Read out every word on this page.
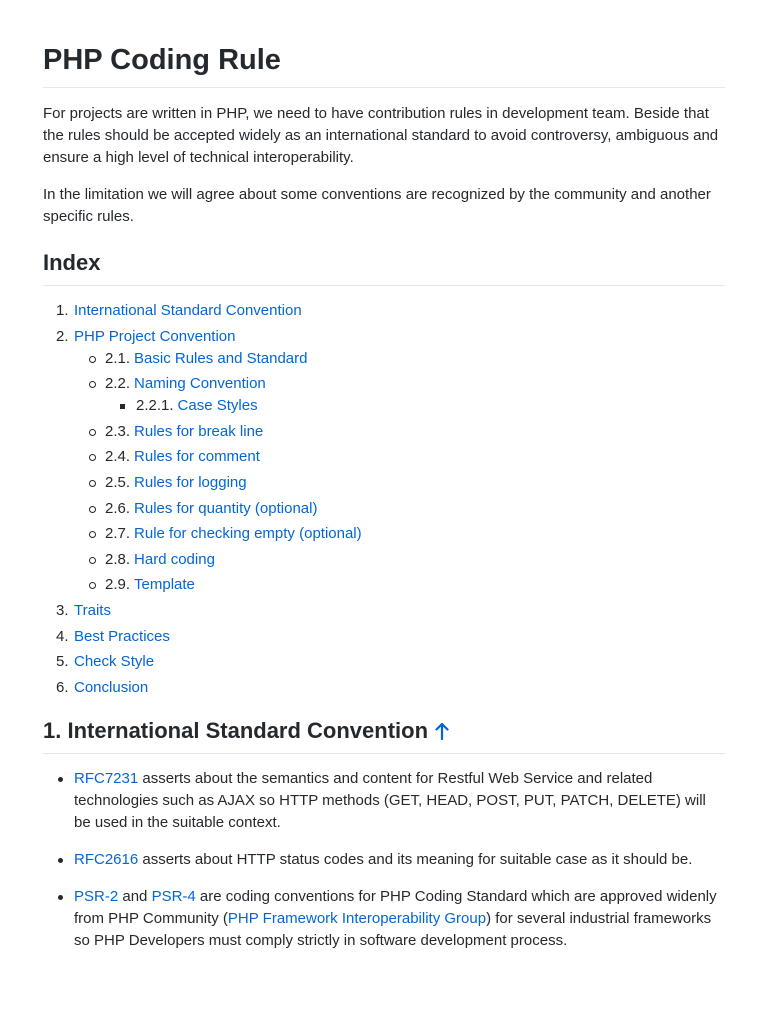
PHP Coding Rule

For projects are written in PHP, we need to have contribution rules in development team. Beside that the rules should be accepted widely as an international standard to avoid controversy, ambiguous and ensure a high level of technical interoperability.

In the limitation we will agree about some conventions are recognized by the community and another specific rules.

Index
1. International Standard Convention
2. PHP Project Convention
2.1. Basic Rules and Standard
2.2. Naming Convention
2.2.1. Case Styles
2.3. Rules for break line
2.4. Rules for comment
2.5. Rules for logging
2.6. Rules for quantity (optional)
2.7. Rule for checking empty (optional)
2.8. Hard coding
2.9. Template
3. Traits
4. Best Practices
5. Check Style
6. Conclusion
1. International Standard Convention
RFC7231 asserts about the semantics and content for Restful Web Service and related technologies such as AJAX so HTTP methods (GET, HEAD, POST, PUT, PATCH, DELETE) will be used in the suitable context.
RFC2616 asserts about HTTP status codes and its meaning for suitable case as it should be.
PSR-2 and PSR-4 are coding conventions for PHP Coding Standard which are approved widenly from PHP Community (PHP Framework Interoperability Group) for several industrial frameworks so PHP Developers must comply strictly in software development process.
